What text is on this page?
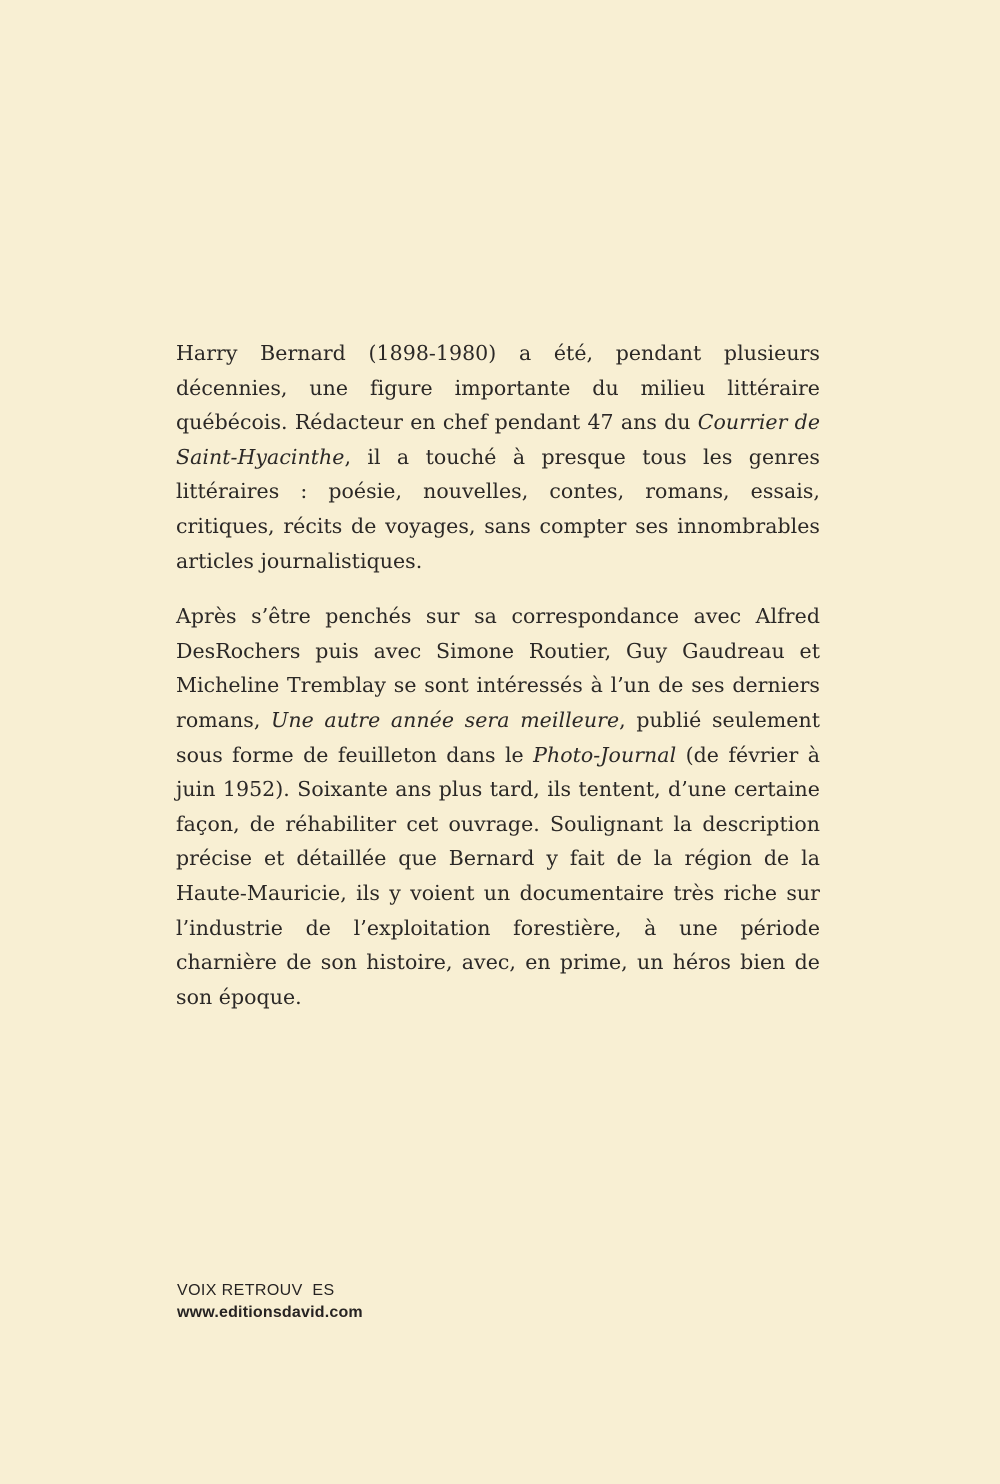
Harry Bernard (1898-1980) a été, pendant plusieurs décennies, une figure importante du milieu littéraire québécois. Rédacteur en chef pendant 47 ans du Courrier de Saint-Hyacinthe, il a touché à presque tous les genres littéraires : poésie, nouvelles, contes, romans, essais, critiques, récits de voyages, sans compter ses innombrables articles journalistiques.

Après s’être penchés sur sa correspondance avec Alfred DesRochers puis avec Simone Routier, Guy Gaudreau et Micheline Tremblay se sont intéressés à l’un de ses derniers romans, Une autre année sera meilleure, publié seulement sous forme de feuilleton dans le Photo-Journal (de février à juin 1952). Soixante ans plus tard, ils tentent, d’une certaine façon, de réhabiliter cet ouvrage. Soulignant la description précise et détaillée que Bernard y fait de la région de la Haute-Mauricie, ils y voient un documentaire très riche sur l’industrie de l’exploitation forestière, à une période charnière de son histoire, avec, en prime, un héros bien de son époque.

VOIX RETROUV  ES
www.editionsdavid.com
